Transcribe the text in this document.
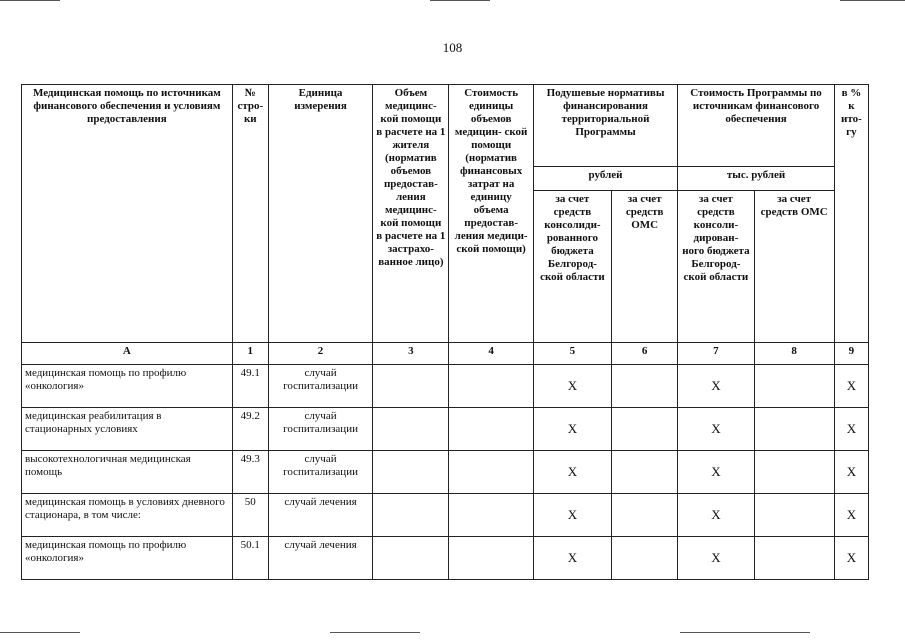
108
Медицинская помощь по источникам финансового обеспечения и условиям предоставления	№ стро- ки	Единица измерения	Объем медицинс- кой помощи в расчете на 1 жителя (норматив объемов предостав- ления медицинс- кой помощи в расчете на 1 застрахо- ванное лицо)	Стоимость единицы объемов медицин- ской помощи (норматив финансовых затрат на единицу объема предостав- ления медици- ской помощи)	Подушевые нормативы финансирования территориальной Программы		Стоимость Программы по источникам финансового обеспечения		в % к ито- гу
					рублей		тыс. рублей		
					за счет средств консолиди- рованного бюджета Белгород- ской области	за счет средств ОМС	за счет средств консоли- дирован- ного бюджета Белгород- ской области	за счет средств ОМС	
А	1	2	3	4	5	6	7	8	9
медицинская помощь по профилю «онкология»	49.1	случай госпитализации			Х		Х		Х
медицинская реабилитация в стационарных условиях	49.2	случай госпитализации			Х		Х		Х
высокотехнологичная медицинская помощь	49.3	случай госпитализации			Х		Х		Х
медицинская помощь в условиях дневного стационара, в том числе:	50	случай лечения			Х		Х		Х
медицинская помощь по профилю «онкология»	50.1	случай лечения			Х		Х		Х
